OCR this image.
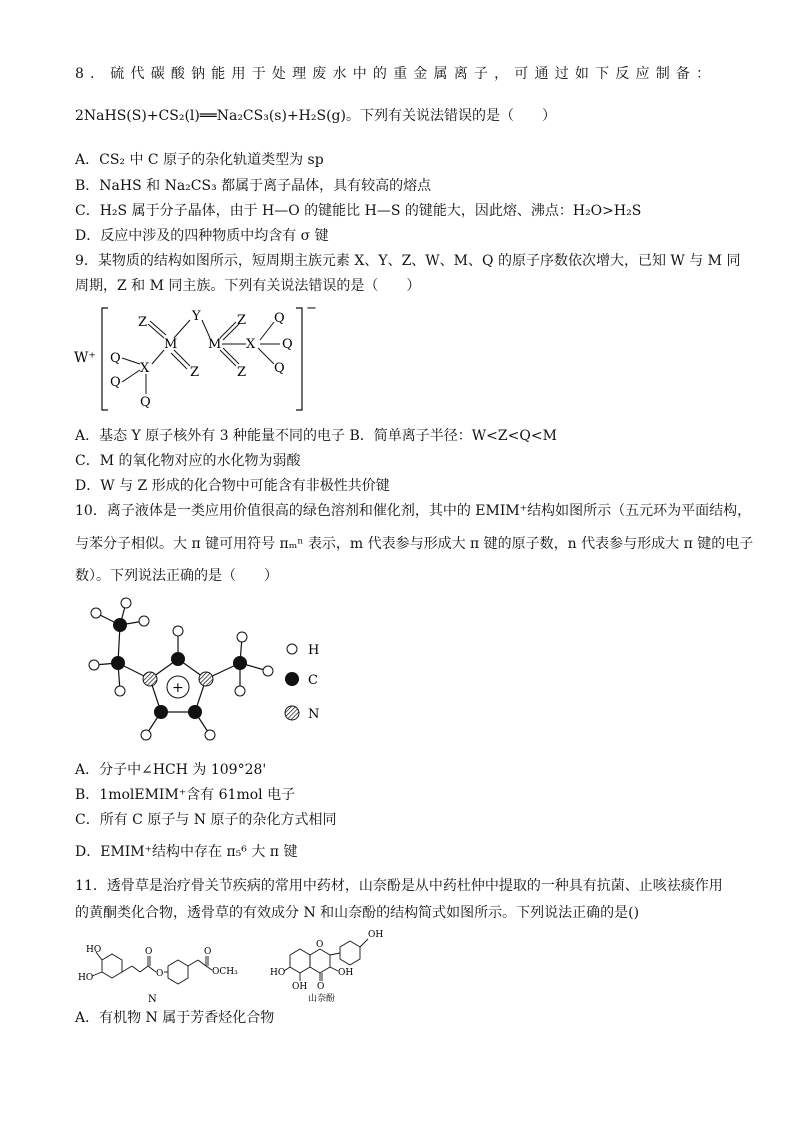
8．硫代碳酸钠能用于处理废水中的重金属离子，可通过如下反应制备：
2NaHS(S)+CS₂(l)══Na₂CS₃(s)+H₂S(g)。下列有关说法错误的是（　　）
A．CS₂ 中 C 原子的杂化轨道类型为 sp
B．NaHS 和 Na₂CS₃ 都属于离子晶体，具有较高的熔点
C．H₂S 属于分子晶体，由于 H—O 的键能比 H—S 的键能大，因此熔、沸点：H₂O>H₂S
D．反应中涉及的四种物质中均含有 σ 键
9．某物质的结构如图所示，短周期主族元素 X、Y、Z、W、M、Q 的原子序数依次增大，已知 W 与 M 同
周期，Z 和 M 同主族。下列有关说法错误的是（　　）
W⁺
−
Z	Y	Z Q
Q
M M X Q
X	Z	Z Q
Q
Q
A．基态 Y 原子核外有 3 种能量不同的电子 B．简单离子半径：W<Z<Q<M
C．M 的氧化物对应的水化物为弱酸
D．W 与 Z 形成的化合物中可能含有非极性共价键
10．离子液体是一类应用价值很高的绿色溶剂和催化剂，其中的 EMIM⁺结构如图所示（五元环为平面结构，
与苯分子相似。大 π 键可用符号 πₘⁿ 表示，m 代表参与形成大 π 键的原子数，n 代表参与形成大 π 键的电子
数）。下列说法正确的是（　　）
+
H
C
N
A．分子中∠HCH 为 109°28'
B．1molEMIM⁺含有 61mol 电子
C．所有 C 原子与 N 原子的杂化方式相同
D．EMIM⁺结构中存在 π₅⁶ 大 π 键
11．透骨草是治疗骨关节疾病的常用中药材，山奈酚是从中药杜仲中提取的一种具有抗菌、止咳祛痰作用
的黄酮类化合物，透骨草的有效成分 N 和山奈酚的结构简式如图所示。下列说法正确的是()
HO
HO
O
O
O
OCH₃
N
OH
O
HO	OH
OH O
山奈酚
A．有机物 N 属于芳香烃化合物
